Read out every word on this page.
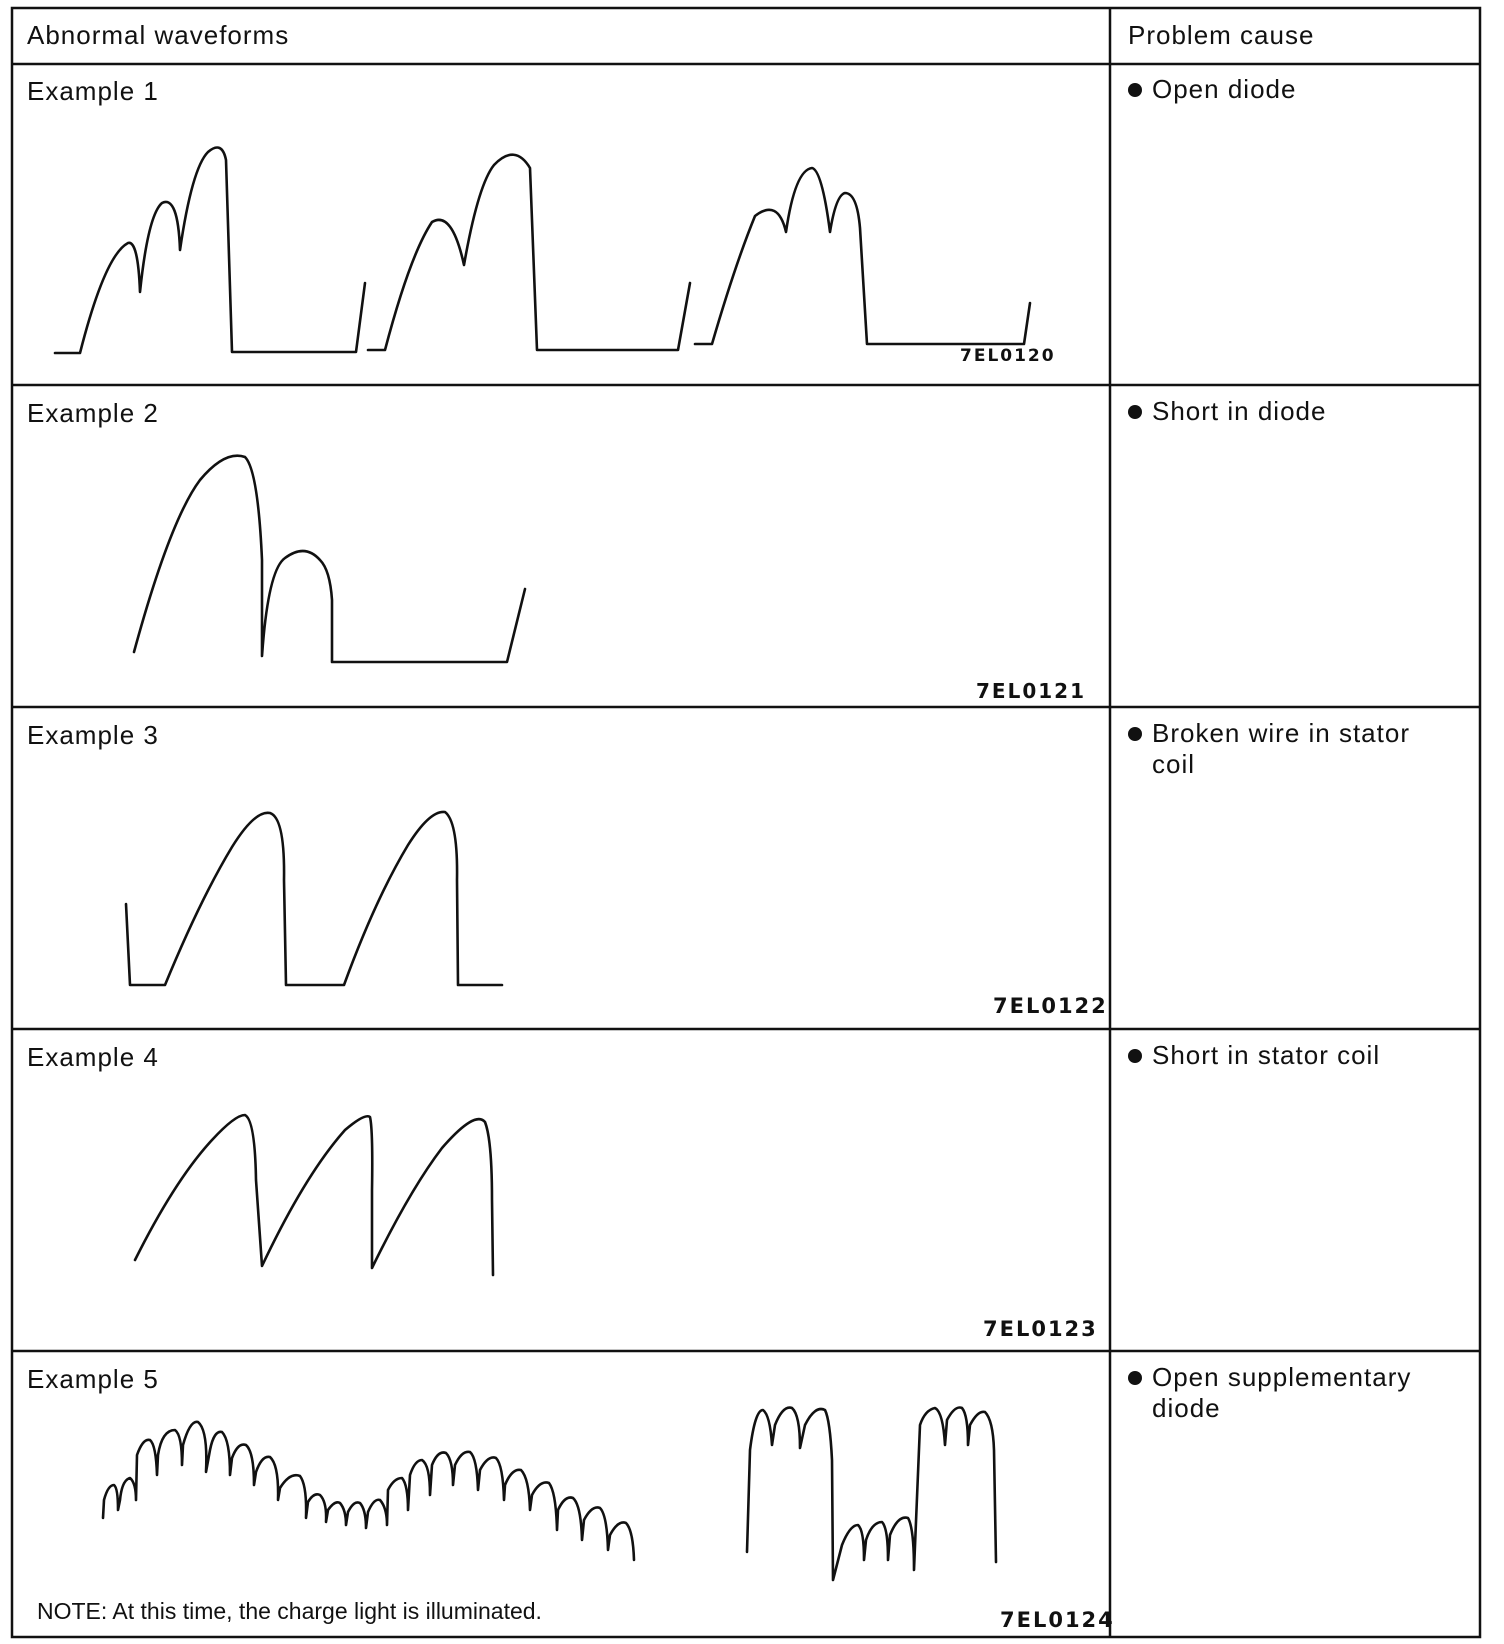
Abnormal waveforms	Problem cause
Example 1	Open diode
7EL0120
Example 2	Short in diode
7EL0121
Example 3	Broken wire in stator
coil
7EL0122
Example 4	Short in stator coil
7EL0123
Example 5	Open supplementary
diode
NOTE: At this time, the charge light is illuminated.	7EL0124
